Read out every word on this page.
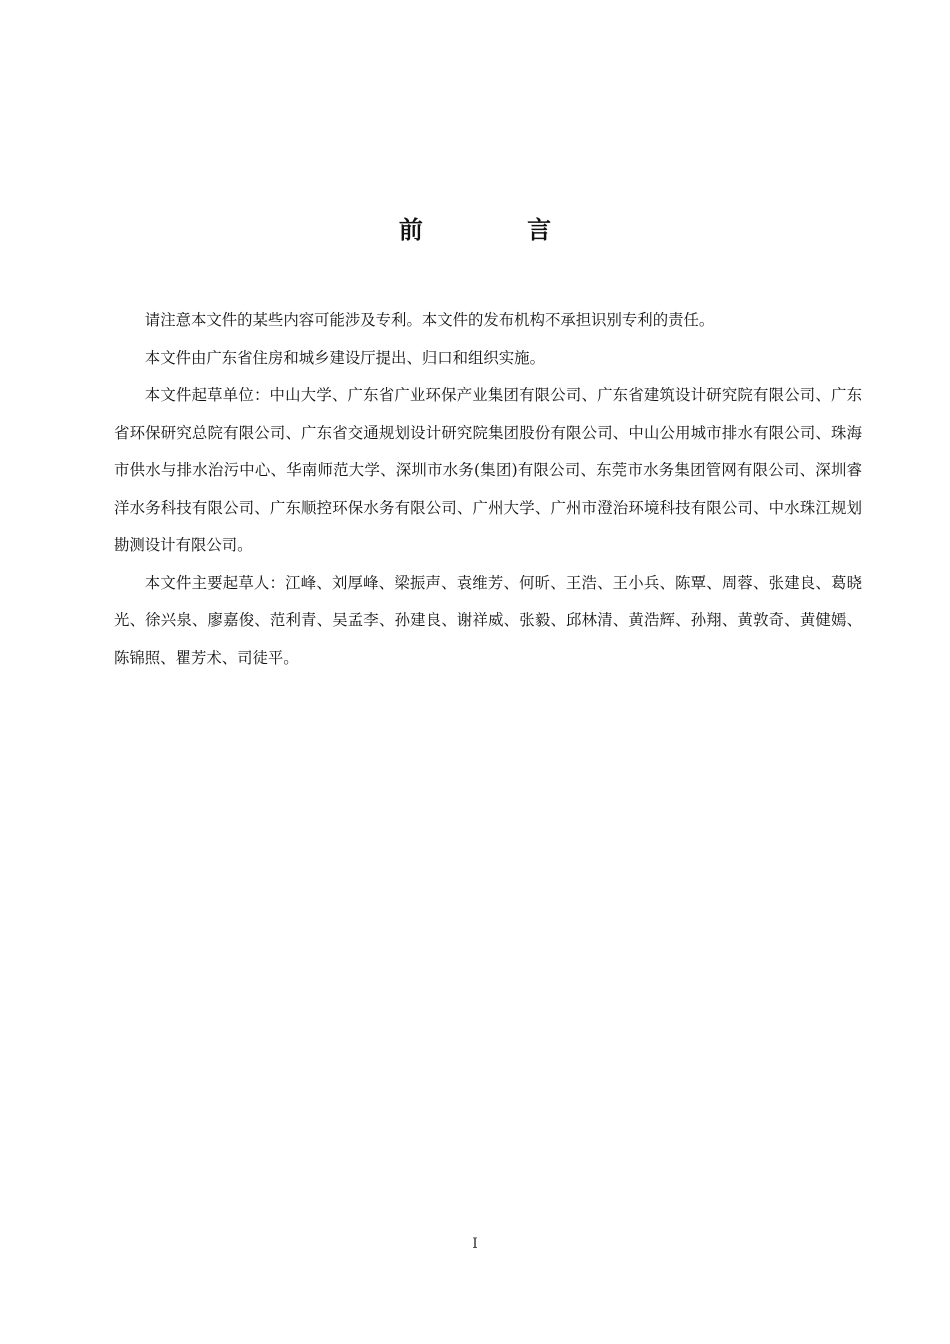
前 言

请注意本文件的某些内容可能涉及专利。本文件的发布机构不承担识别专利的责任。

本文件由广东省住房和城乡建设厅提出、归口和组织实施。

本文件起草单位：中山大学、广东省广业环保产业集团有限公司、广东省建筑设计研究院有限公司、广东省环保研究总院有限公司、广东省交通规划设计研究院集团股份有限公司、中山公用城市排水有限公司、珠海市供水与排水治污中心、华南师范大学、深圳市水务(集团)有限公司、东莞市水务集团管网有限公司、深圳睿洋水务科技有限公司、广东顺控环保水务有限公司、广州大学、广州市澄治环境科技有限公司、中水珠江规划勘测设计有限公司。

本文件主要起草人：江峰、刘厚峰、梁振声、袁维芳、何昕、王浩、王小兵、陈覃、周蓉、张建良、葛晓光、徐兴泉、廖嘉俊、范利青、吴孟李、孙建良、谢祥威、张毅、邱林清、黄浩辉、孙翔、黄敦奇、黄健嫣、陈锦照、瞿芳术、司徒平。

I
